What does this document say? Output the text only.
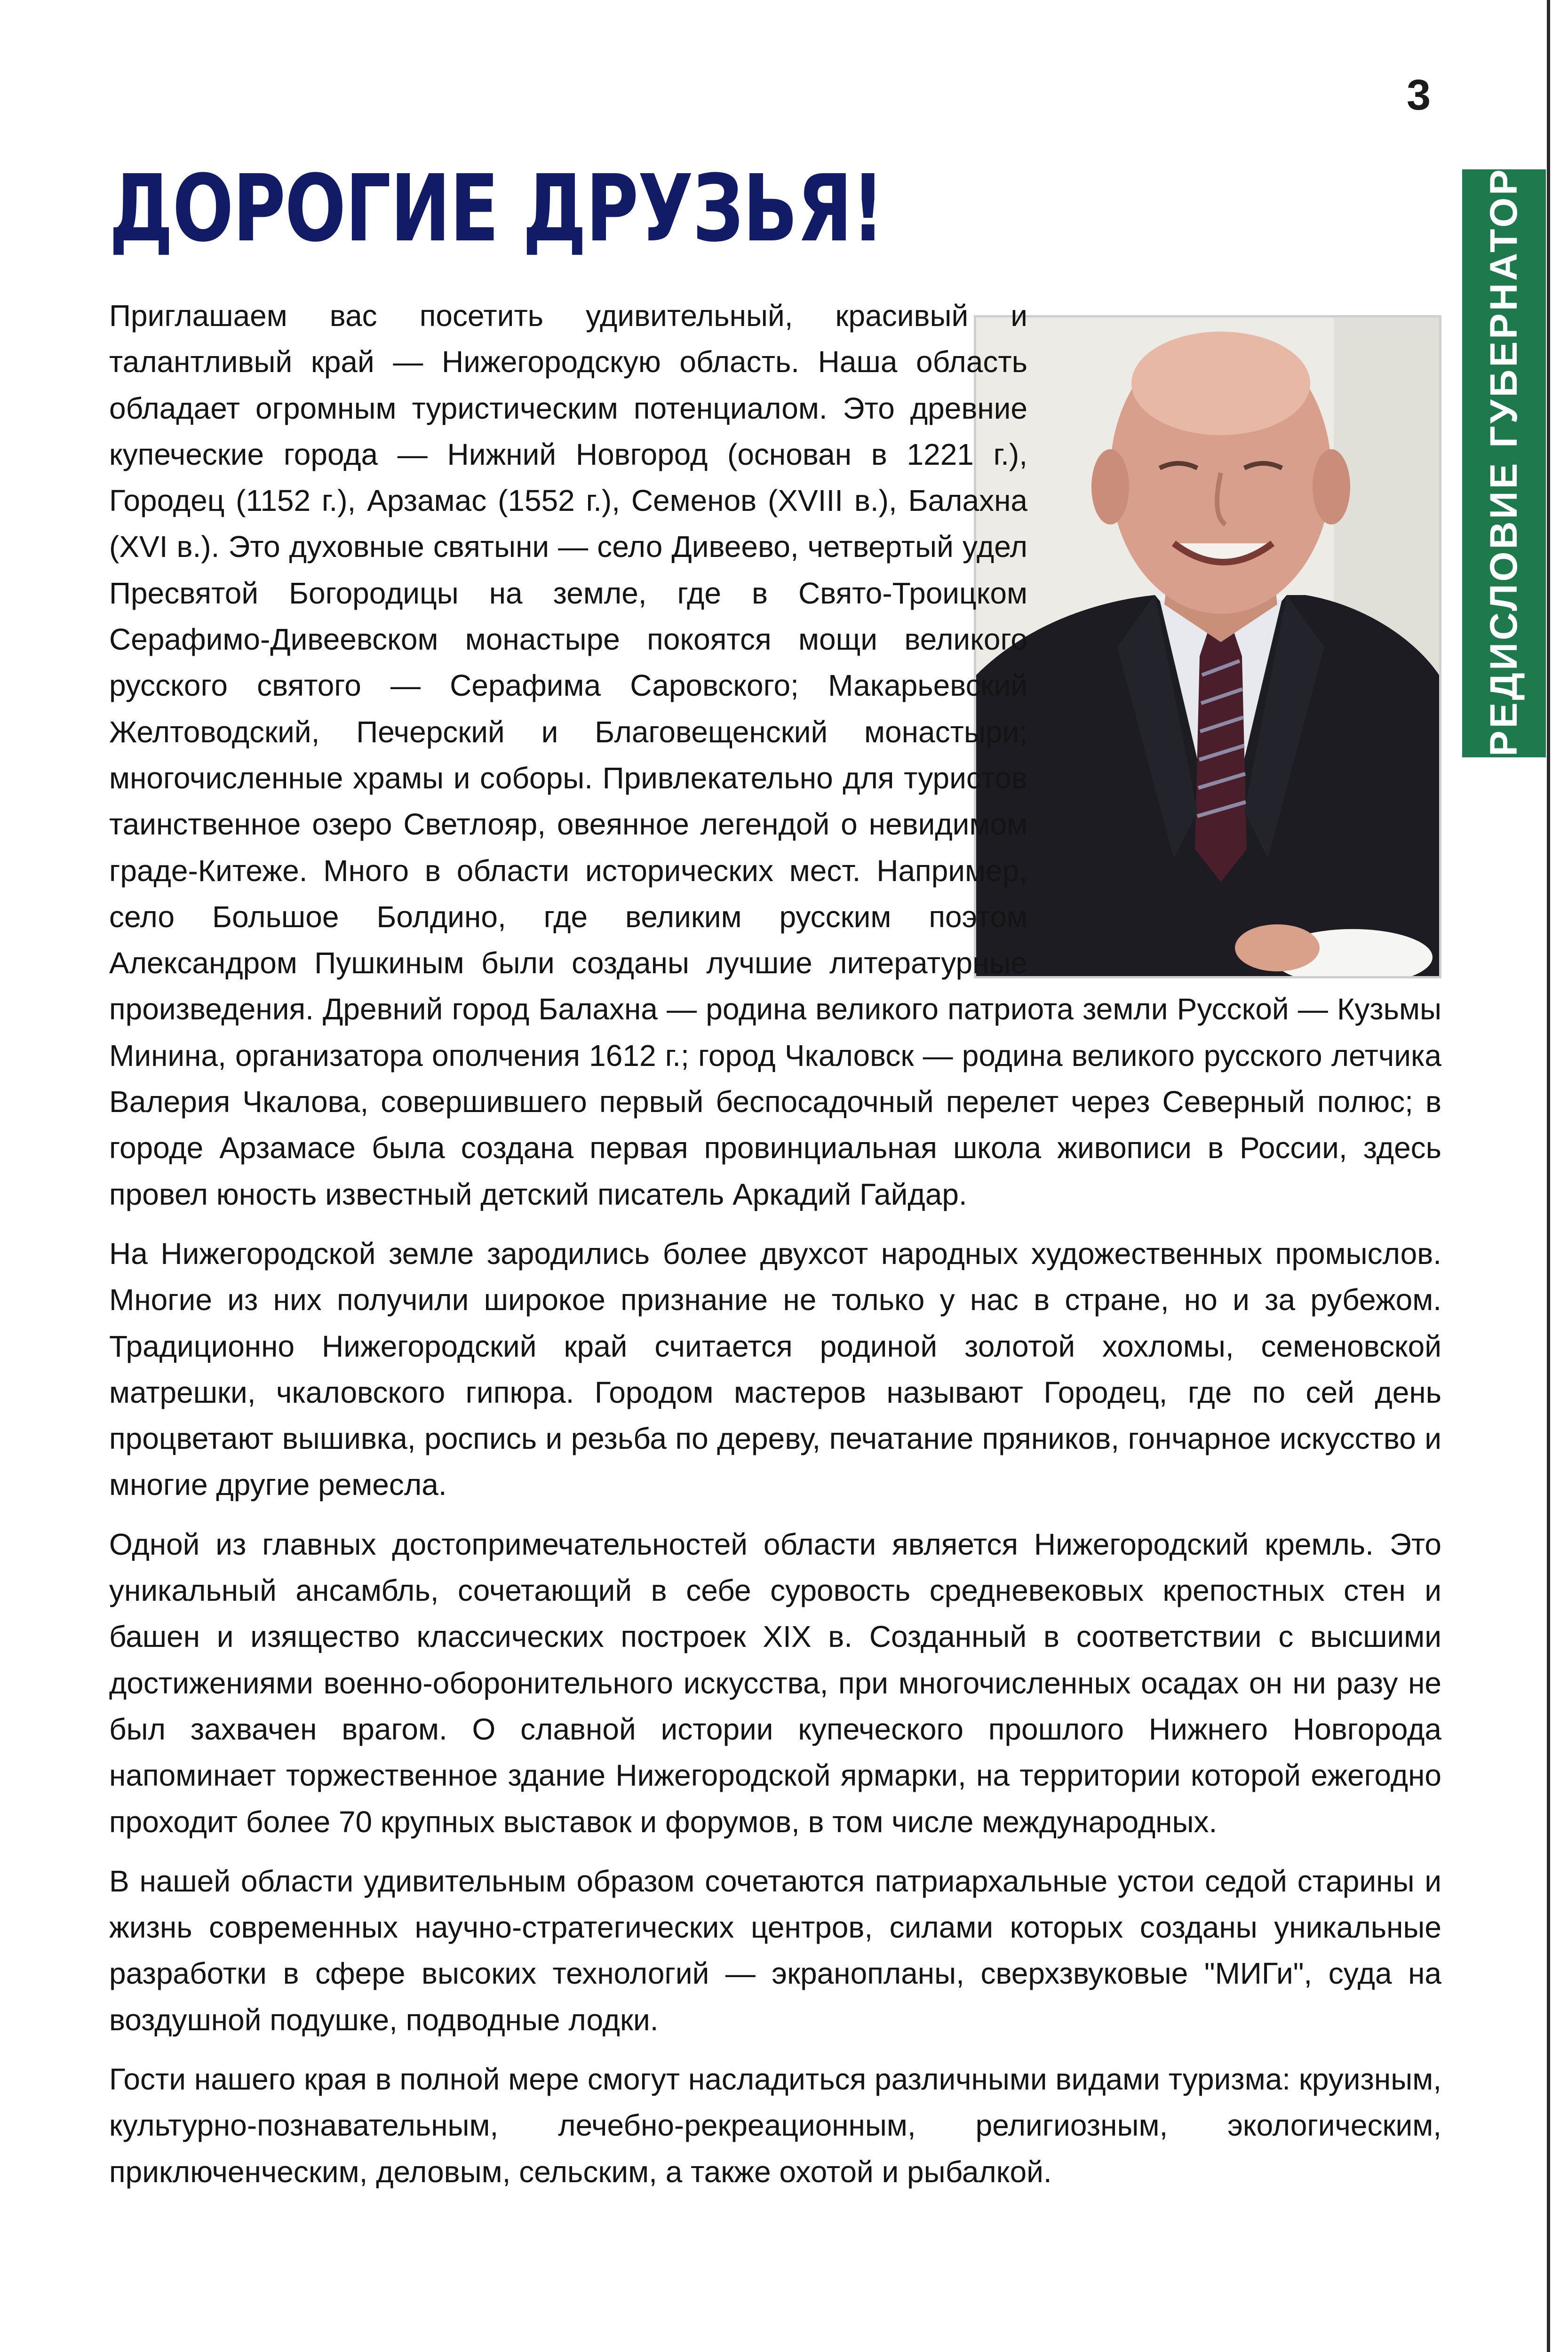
3
ПРЕДИСЛОВИЕ ГУБЕРНАТОРА
ДОРОГИЕ ДРУЗЬЯ!

Приглашаем вас посетить удивительный, красивый и талантливый край — Нижегородскую область. Наша область обладает огромным туристическим потенциалом. Это древние купеческие города — Нижний Новгород (основан в 1221 г.), Городец (1152 г.), Арзамас (1552 г.), Семенов (XVIII в.), Балахна (XVI в.). Это духовные святыни — село Дивеево, четвертый удел Пресвятой Богородицы на земле, где в Свято-Троицком Серафимо-Дивеевском монастыре покоятся мощи великого русского святого — Серафима Саровского; Макарьевский Желтоводский, Печерский и Благовещенский монастыри; многочисленные храмы и соборы. Привлекательно для туристов таинственное озеро Светлояр, овеянное легендой о невидимом граде-Китеже. Много в области исторических мест. Например, село Большое Болдино, где великим русским поэтом Александром Пушкиным были созданы лучшие литературные произведения. Древний город Балахна — родина великого патриота земли Русской — Кузьмы Минина, организатора ополчения 1612 г.; город Чкаловск — родина великого русского летчика Валерия Чкалова, совершившего первый беспосадочный перелет через Северный полюс; в городе Арзамасе была создана первая провинциальная школа живописи в России, здесь провел юность известный детский писатель Аркадий Гайдар.

На Нижегородской земле зародились более двухсот народных художественных промыслов. Многие из них получили широкое признание не только у нас в стране, но и за рубежом. Традиционно Нижегородский край считается родиной золотой хохломы, семеновской матрешки, чкаловского гипюра. Городом мастеров называют Городец, где по сей день процветают вышивка, роспись и резьба по дереву, печатание пряников, гончарное искусство и многие другие ремесла.

Одной из главных достопримечательностей области является Нижегородский кремль. Это уникальный ансамбль, сочетающий в себе суровость средневековых крепостных стен и башен и изящество классических построек XIX в. Созданный в соответствии с высшими достижениями военно-оборонительного искусства, при многочисленных осадах он ни разу не был захвачен врагом. О славной истории купеческого прошлого Нижнего Новгорода напоминает торжественное здание Нижегородской ярмарки, на территории которой ежегодно проходит более 70 крупных выставок и форумов, в том числе международных.

В нашей области удивительным образом сочетаются патриархальные устои седой старины и жизнь современных научно-стратегических центров, силами которых созданы уникальные разработки в сфере высоких технологий — экранопланы, сверхзвуковые "МИГи", суда на воздушной подушке, подводные лодки.

Гости нашего края в полной мере смогут насладиться различными видами туризма: круизным, культурно-познавательным, лечебно-рекреационным, религиозным, экологическим, приключенческим, деловым, сельским, а также охотой и рыбалкой.
